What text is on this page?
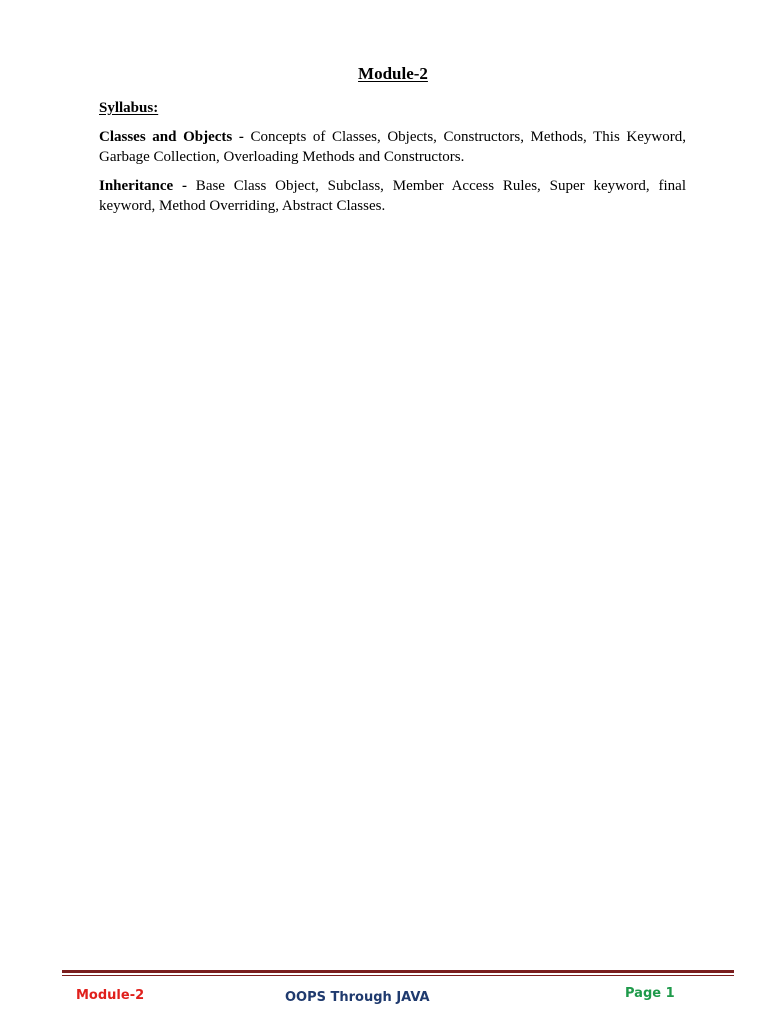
Module-2
Syllabus:

Classes and Objects - Concepts of Classes, Objects, Constructors, Methods, This Keyword, Garbage Collection, Overloading Methods and Constructors.

Inheritance - Base Class Object, Subclass, Member Access Rules, Super keyword, final keyword, Method Overriding, Abstract Classes.

Module-2	OOPS Through JAVA	Page 1
